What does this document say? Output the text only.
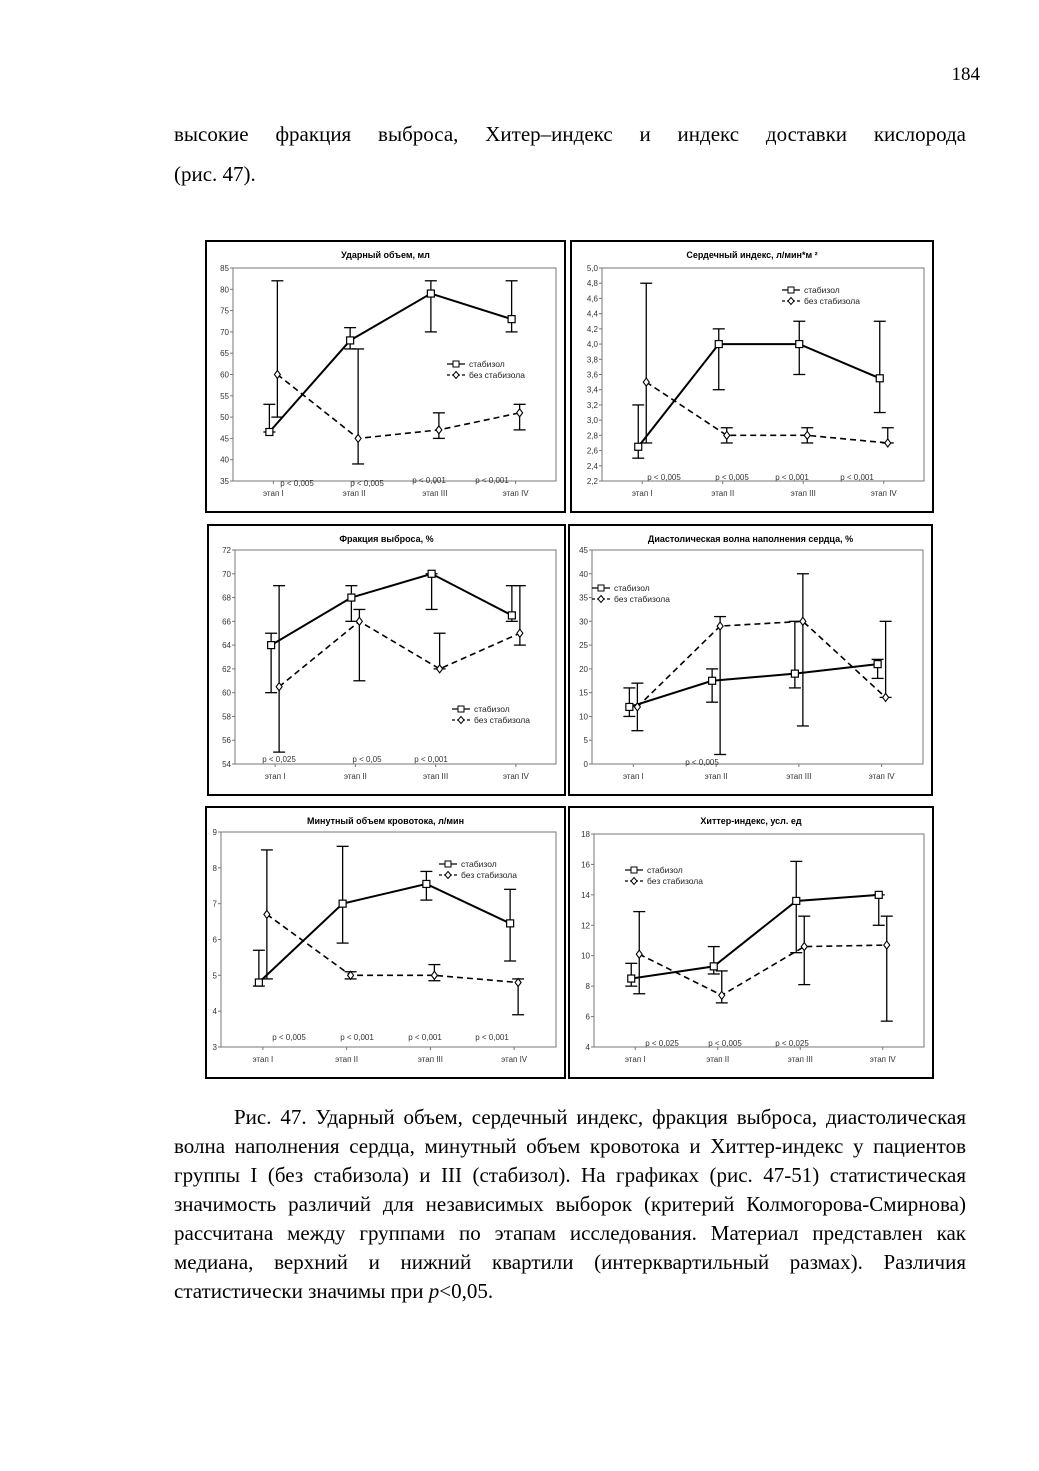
184
высокие фракция выброса, Хитер–индекс и индекс доставки кислорода
(рис. 47).
Ударный объем, мл
35
40
45
50
55
60
65
70
75
80
85
этап I	этап II	этап III	этап IV
стабизол
без стабизола
p < 0,005	p < 0,005	p < 0,001	p < 0,001
Сердечный индекс, л/мин*м ²
2,2
2,4
2,6
2,8
3,0
3,2
3,4
3,6
3,8
4,0
4,2
4,4
4,6
4,8
5,0
этап I	этап II	этап III	этап IV
стабизол
без стабизола
p < 0,005	p < 0,005	p < 0,001	p < 0,001
Фракция выброса, %
54
56
58
60
62
64
66
68
70
72
этап I	этап II	этап III	этап IV
стабизол
без стабизола
p < 0,025	p < 0,05	p < 0,001
Диастолическая волна наполнения сердца, %
0
5
10
15
20
25
30
35
40
45
этап I	этап II	этап III	этап IV
стабизол
без стабизола
p < 0,005
Минутный объем кровотока, л/мин
3
4
5
6
7
8
9
этап I	этап II	этап III	этап IV
стабизол
без стабизола
p < 0,005	p < 0,001	p < 0,001	p < 0,001
Хиттер-индекс, усл. ед
4
6
8
10
12
14
16
18
этап I	этап II	этап III	этап IV
стабизол
без стабизола
p < 0,025	p < 0,005	p < 0,025

Рис. 47. Ударный объем, сердечный индекс, фракция выброса, диастолическая волна наполнения сердца, минутный объем кровотока и Хиттер-индекс у пациентов группы I (без стабизола) и III (стабизол). На графиках (рис. 47-51) статистическая значимость различий для независимых выборок (критерий Колмогорова-Смирнова) рассчитана между группами по этапам исследования. Материал представлен как медиана, верхний и нижний квартили (интерквартильный размах). Различия статистически значимы при p<0,05.
